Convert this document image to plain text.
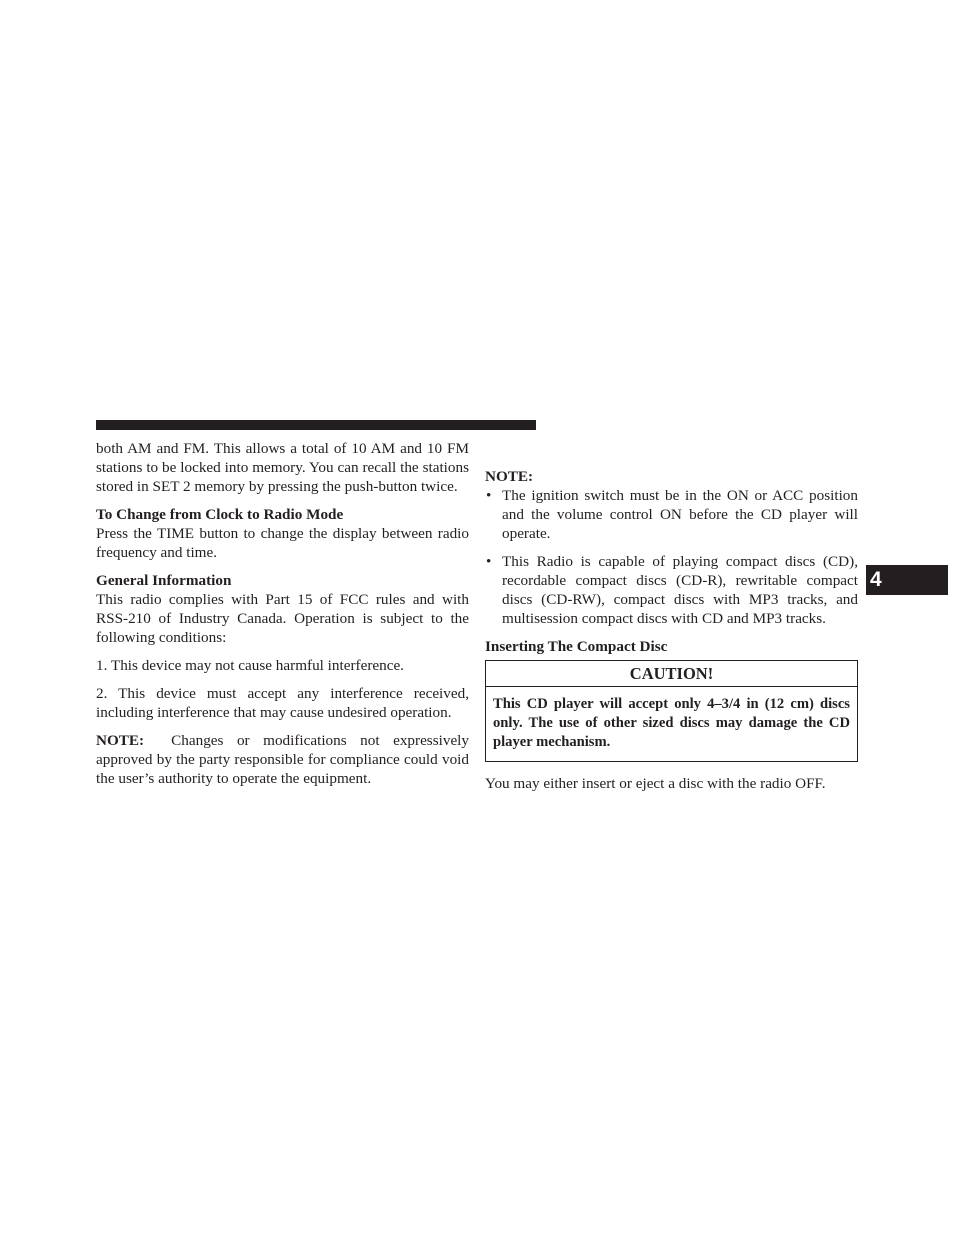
both AM and FM. This allows a total of 10 AM and 10 FM stations to be locked into memory. You can recall the stations stored in SET 2 memory by pressing the push-button twice.

To Change from Clock to Radio Mode

Press the TIME button to change the display between radio frequency and time.

General Information

This radio complies with Part 15 of FCC rules and with RSS-210 of Industry Canada. Operation is subject to the following conditions:

1. This device may not cause harmful interference.

2. This device must accept any interference received, including interference that may cause undesired operation.

NOTE: Changes or modifications not expressively approved by the party responsible for compliance could void the user’s authority to operate the equipment.

NOTE:

• The ignition switch must be in the ON or ACC position and the volume control ON before the CD player will operate.
• This Radio is capable of playing compact discs (CD), recordable compact discs (CD-R), rewritable compact discs (CD-RW), compact discs with MP3 tracks, and multisession compact discs with CD and MP3 tracks.

Inserting The Compact Disc

CAUTION!
This CD player will accept only 4–3/4 in (12 cm) discs only. The use of other sized discs may damage the CD player mechanism.

You may either insert or eject a disc with the radio OFF.

4
